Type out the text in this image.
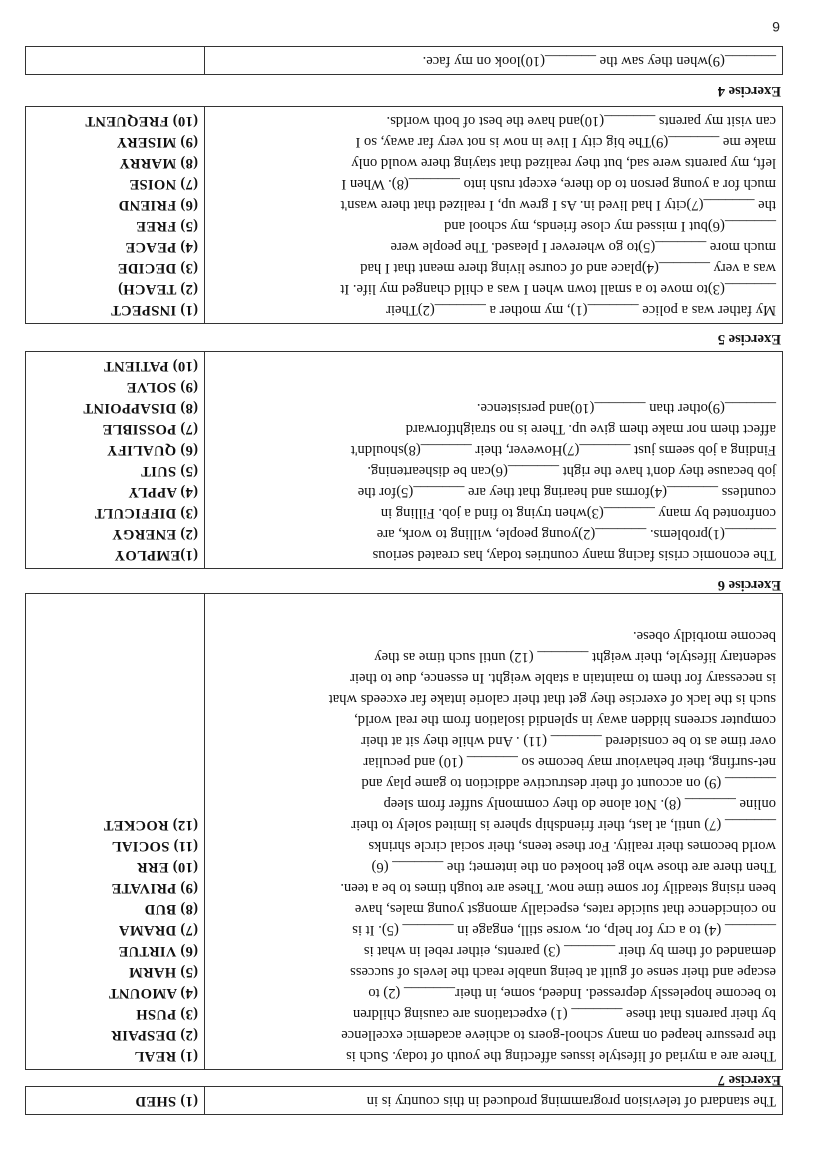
6
_______(9)when they saw the _______(10)look on my face.

Exercise 4
My father was a police _______(1), my mother a _______(2)Their
_______(3)to move to a small town when I was a child changed my life. It
was a very _______(4)place and of course living there meant that I had
much more _______(5)to go wherever I pleased. The people were
_______(6)but I missed my close friends, my school and
the _______(7)city I had lived in. As I grew up, I realized that there wasn't
much for a young person to do there, except rush into _______(8). When I
left, my parents were sad, but they realized that staying there would only
make me _______(9)The big city I live in now is not very far away, so I
can visit my parents _______(10)and have the best of both worlds.

(1) INSPECT
(2) TEACH)
(3) DECIDE
(4) PEACE
(5) FREE
(6) FRIEND
(7) NOISE
(8) MARRY
(9) MISERY
(10) FREQUENT
Exercise 5
The economic crisis facing many countries today, has created serious
_______(1)problems. _______(2)young people, willing to work, are
confronted by many _______(3)when trying to find a job. Filling in
countless _______(4)forms and hearing that they are _______(5)for the
job because they don't have the right _______(6)can be disheartening.
Finding a job seems just _______(7)However, their _______(8)shouldn't
affect them nor make them give up. There is no straightforward
_______(9)other than _______(10)and persistence.

(1)EMPLOY
(2) ENERGY
(3) DIFFICULT
(4) APPLY
(5) SUIT
(6) QUALIFY
(7) POSSIBLE
(8) DISAPPOINT
(9) SOLVE
(10) PATIENT
Exercise 6
There are a myriad of lifestyle issues affecting the youth of today. Such is
the pressure heaped on many school-goers to achieve academic excellence
by their parents that these _______ (1) expectations are causing children
to become hopelessly depressed. Indeed, some, in their_______ (2) to
escape and their sense of guilt at being unable reach the levels of success
demanded of them by their _______ (3) parents, either rebel in what is
_______ (4) to a cry for help, or, worse still, engage in _______ (5). It is
no coincidence that suicide rates, especially amongst young males, have
been rising steadily for some time now. These are tough times to be a teen.
Then there are those who get hooked on the internet; the _______ (6)
world becomes their reality. For these teens, their social circle shrinks
_______ (7) until, at last, their friendship sphere is limited solely to their
online _______ (8). Not alone do they commonly suffer from sleep
_______ (9) on account of their destructive addiction to game play and
net-surfing, their behaviour may become so _______ (10) and peculiar
over time as to be considered _______ (11) . And while they sit at their
computer screens hidden away in splendid isolation from the real world,
such is the lack of exercise they get that their calorie intake far exceeds what
is necessary for them to maintain a stable weight. In essence, due to their
sedentary lifestyle, their weight _______ (12) until such time as they
become morbidly obese.

(1) REAL
(2) DESPAIR
(3) PUSH
(4) AMOUNT
(5) HARM
(6) VIRTUE
(7) DRAMA
(8) BUD
(9) PRIVATE
(10) ERR
(11) SOCIAL
(12) ROCKET
Exercise 7
The standard of television programming produced in this country is in

(1) SHED
